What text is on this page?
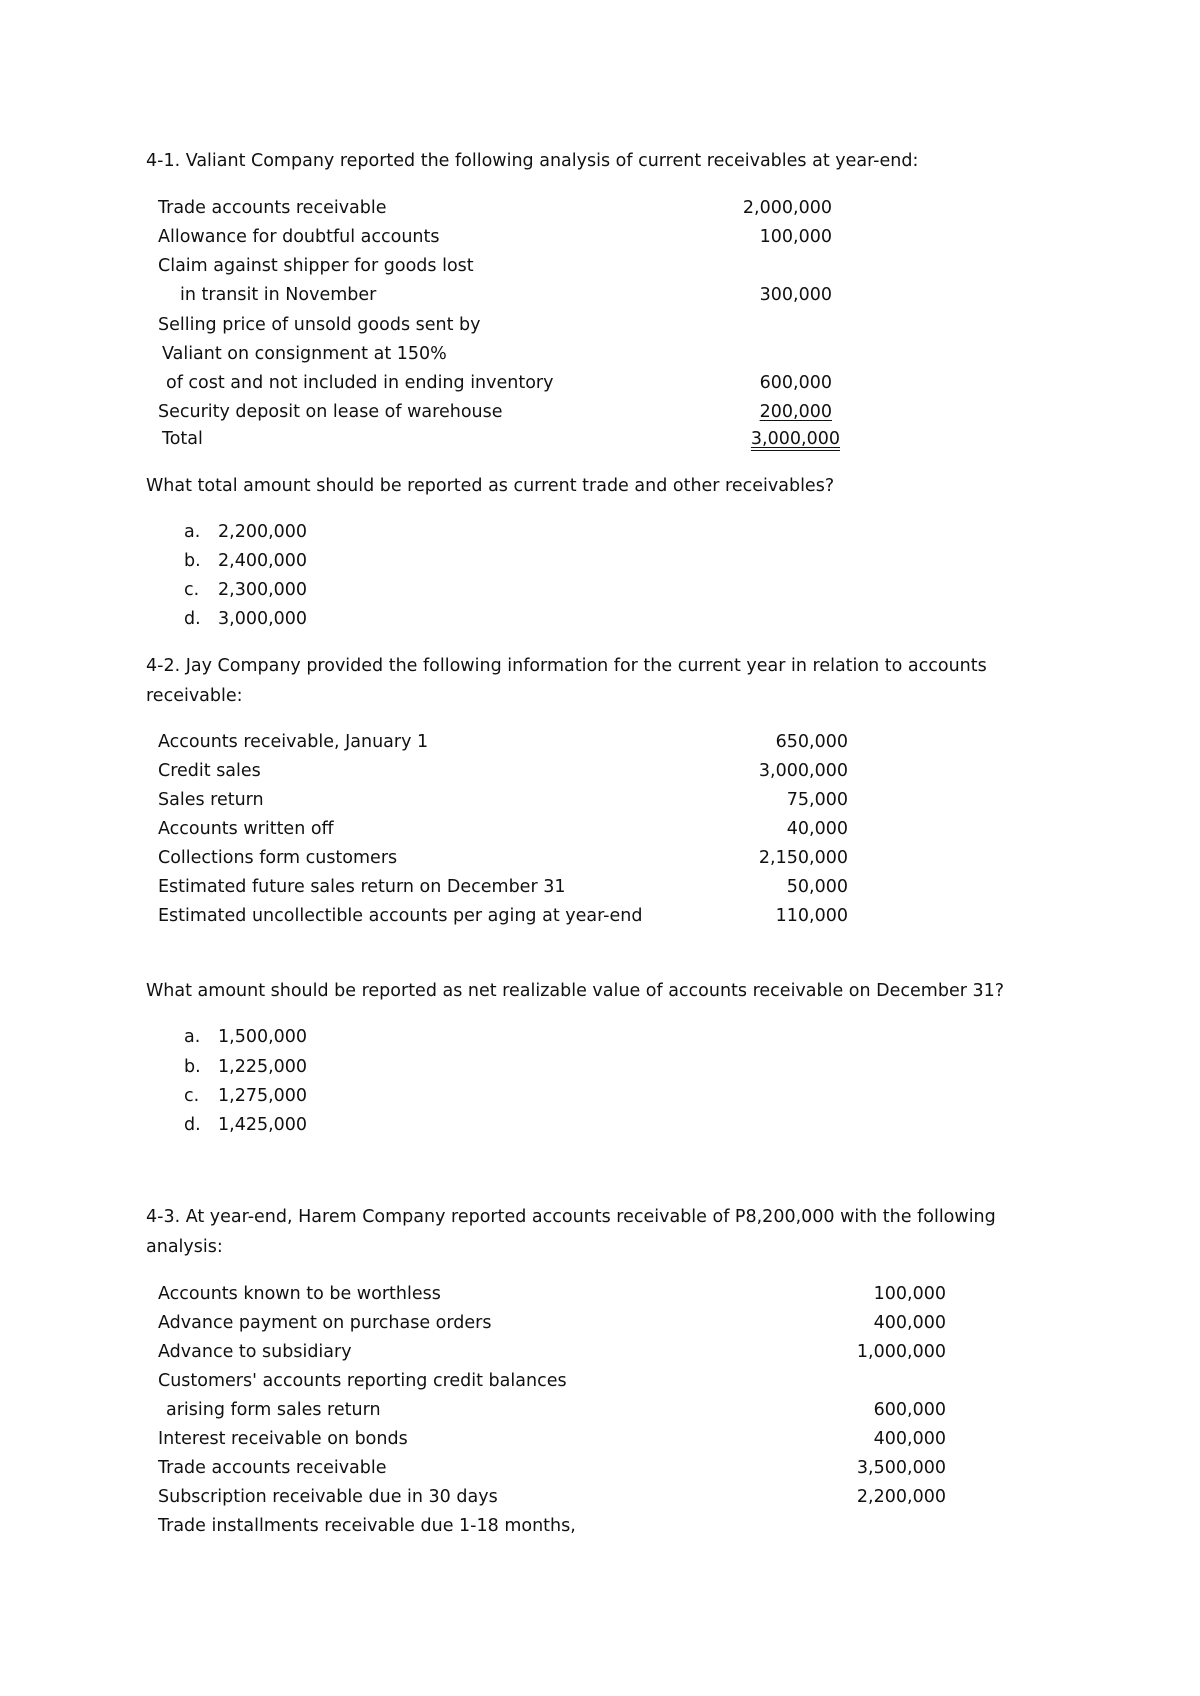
4-1. Valiant Company reported the following analysis of current receivables at year-end:
Trade accounts receivable	2,000,000
Allowance for doubtful accounts	100,000
Claim against shipper for goods lost
in transit in November	300,000
Selling price of unsold goods sent by
Valiant on consignment at 150%
of cost and not included in ending inventory	600,000
Security deposit on lease of warehouse	200,000
Total	3,000,000
What total amount should be reported as current trade and other receivables?
a. 2,200,000
b. 2,400,000
c. 2,300,000
d. 3,000,000
4-2. Jay Company provided the following information for the current year in relation to accounts receivable:
Accounts receivable, January 1	650,000
Credit sales	3,000,000
Sales return	75,000
Accounts written off	40,000
Collections form customers	2,150,000
Estimated future sales return on December 31	50,000
Estimated uncollectible accounts per aging at year-end	110,000
What amount should be reported as net realizable value of accounts receivable on December 31?
a. 1,500,000
b. 1,225,000
c. 1,275,000
d. 1,425,000
4-3. At year-end, Harem Company reported accounts receivable of P8,200,000 with the following analysis:
Accounts known to be worthless	100,000
Advance payment on purchase orders	400,000
Advance to subsidiary	1,000,000
Customers' accounts reporting credit balances
arising form sales return	600,000
Interest receivable on bonds	400,000
Trade accounts receivable	3,500,000
Subscription receivable due in 30 days	2,200,000
Trade installments receivable due 1-18 months,
